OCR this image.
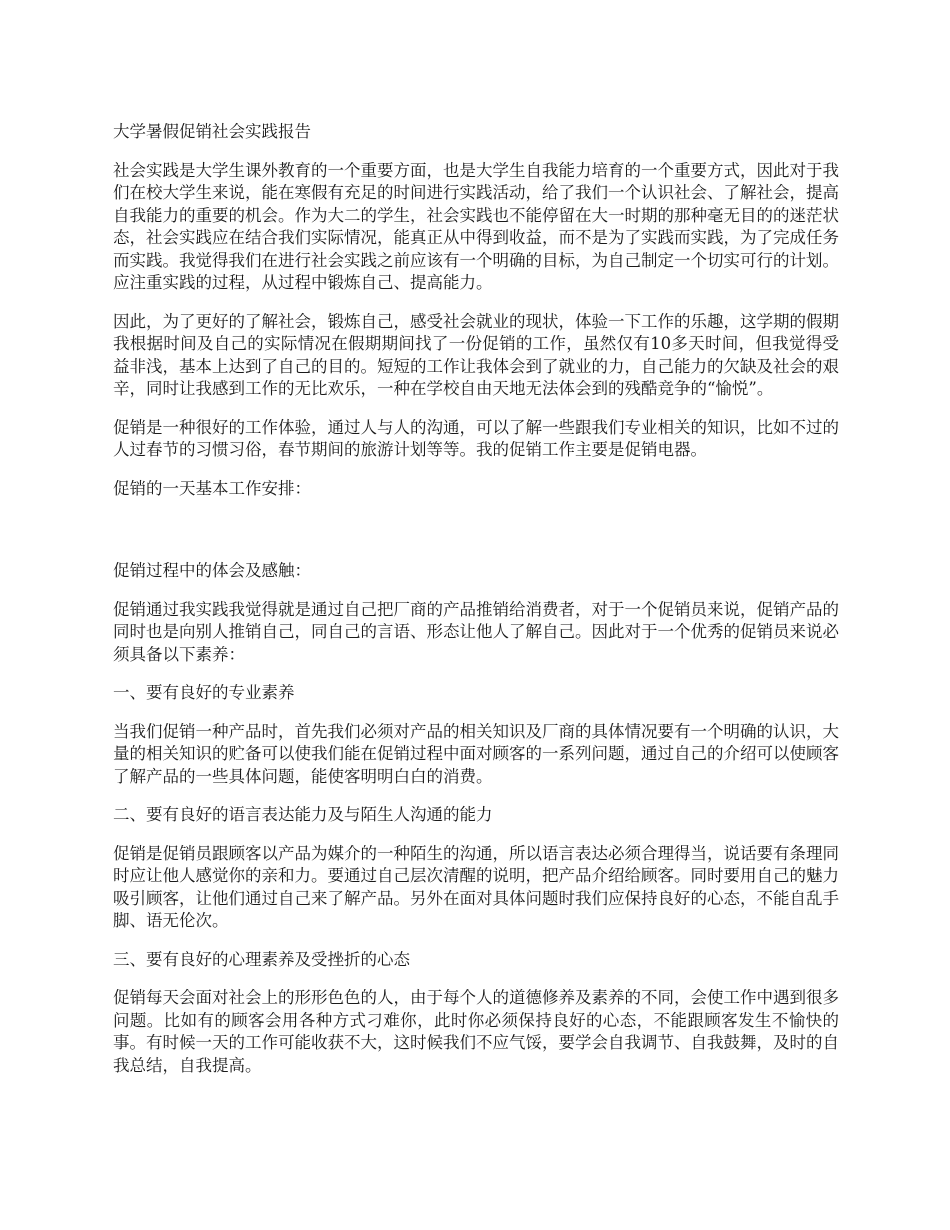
大学暑假促销社会实践报告

社会实践是大学生课外教育的一个重要方面，也是大学生自我能力培育的一个重要方式，因此对于我们在校大学生来说，能在寒假有充足的时间进行实践活动，给了我们一个认识社会、了解社会，提高自我能力的重要的机会。作为大二的学生，社会实践也不能停留在大一时期的那种毫无目的的迷茫状态，社会实践应在结合我们实际情况，能真正从中得到收益，而不是为了实践而实践，为了完成任务而实践。我觉得我们在进行社会实践之前应该有一个明确的目标，为自己制定一个切实可行的计划。应注重实践的过程，从过程中锻炼自己、提高能力。

因此，为了更好的了解社会，锻炼自己，感受社会就业的现状，体验一下工作的乐趣，这学期的假期我根据时间及自己的实际情况在假期期间找了一份促销的工作，虽然仅有10多天时间，但我觉得受益非浅，基本上达到了自己的目的。短短的工作让我体会到了就业的力，自己能力的欠缺及社会的艰辛，同时让我感到工作的无比欢乐，一种在学校自由天地无法体会到的残酷竞争的“愉悦”。

促销是一种很好的工作体验，通过人与人的沟通，可以了解一些跟我们专业相关的知识，比如不过的人过春节的习惯习俗，春节期间的旅游计划等等。我的促销工作主要是促销电器。

促销的一天基本工作安排：

促销过程中的体会及感触：

促销通过我实践我觉得就是通过自己把厂商的产品推销给消费者，对于一个促销员来说，促销产品的同时也是向别人推销自己，同自己的言语、形态让他人了解自己。因此对于一个优秀的促销员来说必须具备以下素养：

一、要有良好的专业素养

当我们促销一种产品时，首先我们必须对产品的相关知识及厂商的具体情况要有一个明确的认识，大量的相关知识的贮备可以使我们能在促销过程中面对顾客的一系列问题，通过自己的介绍可以使顾客了解产品的一些具体问题，能使客明明白白的消费。

二、要有良好的语言表达能力及与陌生人沟通的能力

促销是促销员跟顾客以产品为媒介的一种陌生的沟通，所以语言表达必须合理得当，说话要有条理同时应让他人感觉你的亲和力。要通过自己层次清醒的说明，把产品介绍给顾客。同时要用自己的魅力吸引顾客，让他们通过自己来了解产品。另外在面对具体问题时我们应保持良好的心态，不能自乱手脚、语无伦次。

三、要有良好的心理素养及受挫折的心态

促销每天会面对社会上的形形色色的人，由于每个人的道德修养及素养的不同，会使工作中遇到很多问题。比如有的顾客会用各种方式刁难你，此时你必须保持良好的心态，不能跟顾客发生不愉快的事。有时候一天的工作可能收获不大，这时候我们不应气馁，要学会自我调节、自我鼓舞，及时的自我总结，自我提高。
